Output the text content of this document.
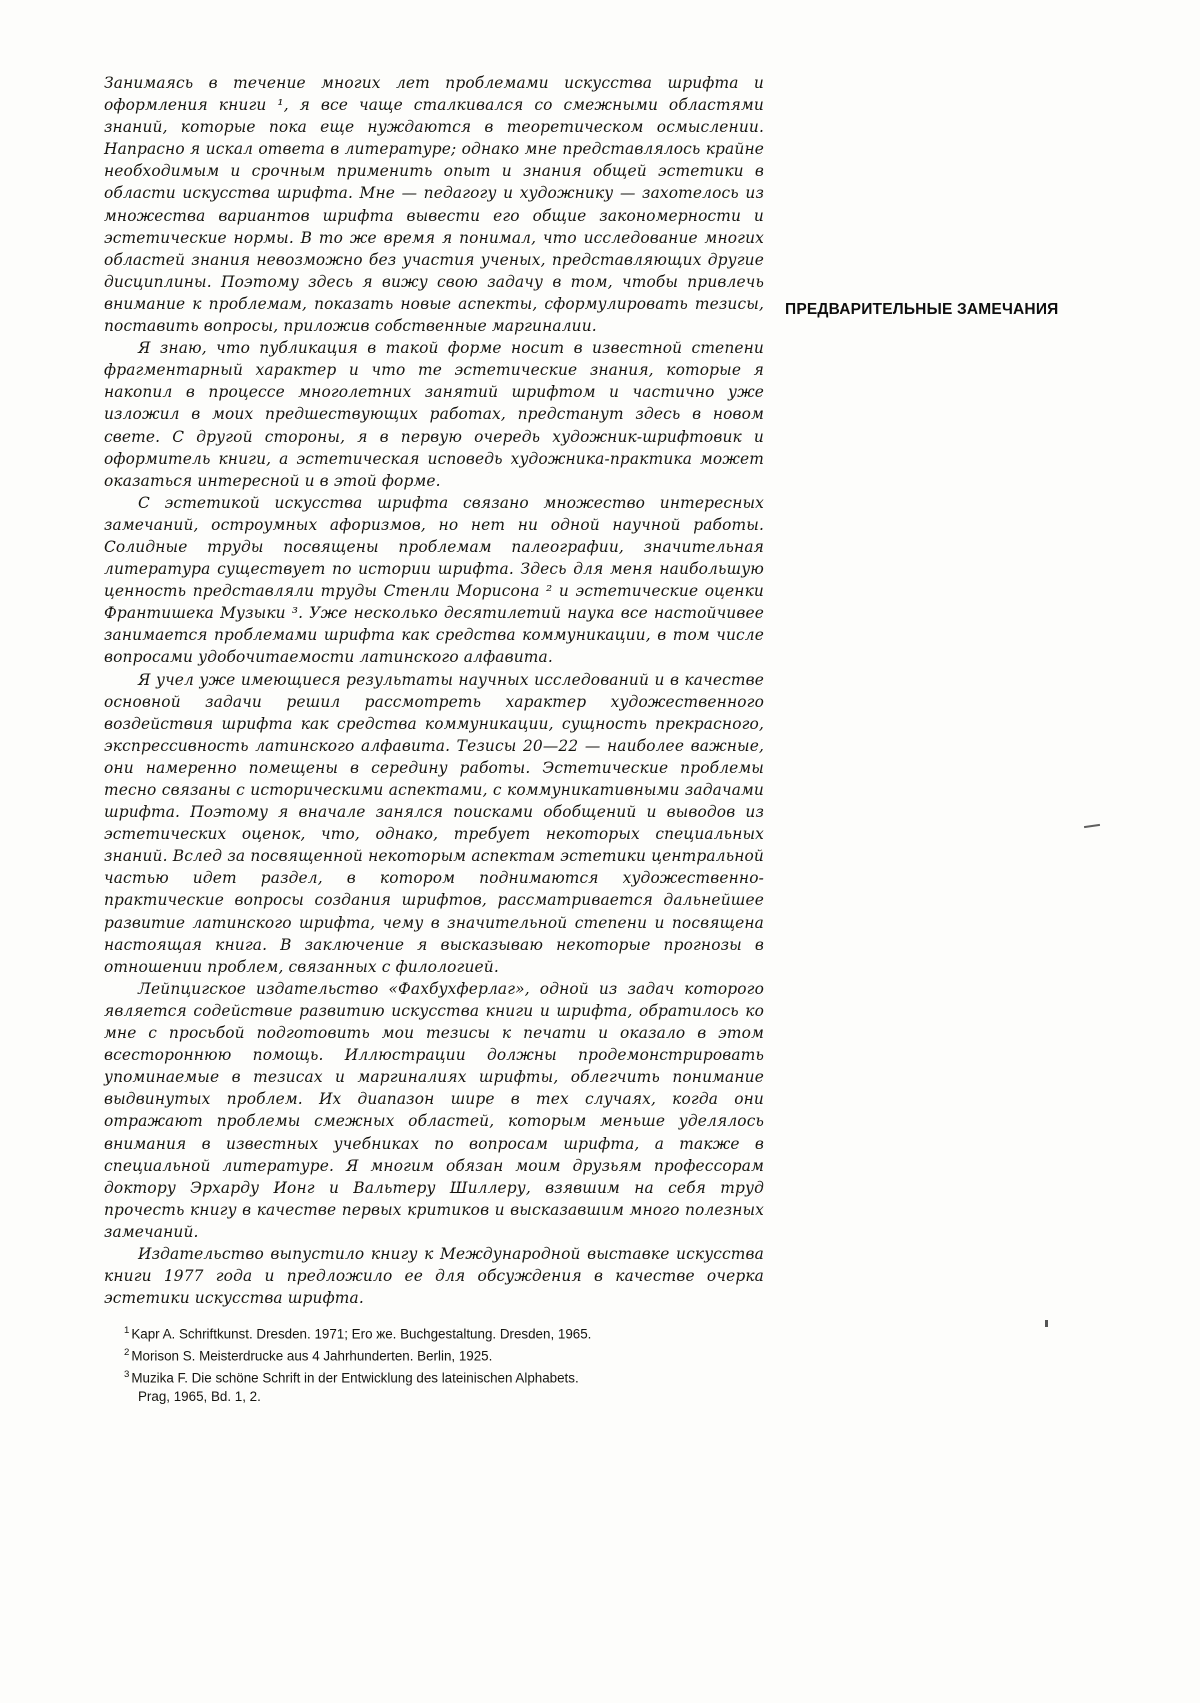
Занимаясь в течение многих лет проблемами искусства шрифта и оформления книги ¹, я все чаще сталкивался со смежными областями знаний, которые пока еще нуждаются в теоретическом осмыслении. Напрасно я искал ответа в литературе; однако мне представлялось крайне необходимым и срочным применить опыт и знания общей эстетики в области искусства шрифта. Мне — педагогу и художнику — захотелось из множества вариантов шрифта вывести его общие закономерности и эстетические нормы. В то же время я понимал, что исследование многих областей знания невозможно без участия ученых, представляющих другие дисциплины. Поэтому здесь я вижу свою задачу в том, чтобы привлечь внимание к проблемам, показать новые аспекты, сформулировать тезисы, поставить вопросы, приложив собственные маргиналии.

Я знаю, что публикация в такой форме носит в известной степени фрагментарный характер и что те эстетические знания, которые я накопил в процессе многолетних занятий шрифтом и частично уже изложил в моих предшествующих работах, предстанут здесь в новом свете. С другой стороны, я в первую очередь художник-шрифтовик и оформитель книги, а эстетическая исповедь художника-практика может оказаться интересной и в этой форме.

С эстетикой искусства шрифта связано множество интересных замечаний, остроумных афоризмов, но нет ни одной научной работы. Солидные труды посвящены проблемам палеографии, значительная литература существует по истории шрифта. Здесь для меня наибольшую ценность представляли труды Стенли Морисона ² и эстетические оценки Франтишека Музыки ³. Уже несколько десятилетий наука все настойчивее занимается проблемами шрифта как средства коммуникации, в том числе вопросами удобочитаемости латинского алфавита.

Я учел уже имеющиеся результаты научных исследований и в качестве основной задачи решил рассмотреть характер художественного воздействия шрифта как средства коммуникации, сущность прекрасного, экспрессивность латинского алфавита. Тезисы 20—22 — наиболее важные, они намеренно помещены в середину работы. Эстетические проблемы тесно связаны с историческими аспектами, с коммуникативными задачами шрифта. Поэтому я вначале занялся поисками обобщений и выводов из эстетических оценок, что, однако, требует некоторых специальных знаний. Вслед за посвященной некоторым аспектам эстетики центральной частью идет раздел, в котором поднимаются художественно-практические вопросы создания шрифтов, рассматривается дальнейшее развитие латинского шрифта, чему в значительной степени и посвящена настоящая книга. В заключение я высказываю некоторые прогнозы в отношении проблем, связанных с филологией.

Лейпцигское издательство «Фахбухферлаг», одной из задач которого является содействие развитию искусства книги и шрифта, обратилось ко мне с просьбой подготовить мои тезисы к печати и оказало в этом всестороннюю помощь. Иллюстрации должны продемонстрировать упоминаемые в тезисах и маргиналиях шрифты, облегчить понимание выдвинутых проблем. Их диапазон шире в тех случаях, когда они отражают проблемы смежных областей, которым меньше уделялось внимания в известных учебниках по вопросам шрифта, а также в специальной литературе. Я многим обязан моим друзьям профессорам доктору Эрхарду Ионг и Вальтеру Шиллеру, взявшим на себя труд прочесть книгу в качестве первых критиков и высказавшим много полезных замечаний.

Издательство выпустило книгу к Международной выставке искусства книги 1977 года и предложило ее для обсуждения в качестве очерка эстетики искусства шрифта.

ПРЕДВАРИТЕЛЬНЫЕ ЗАМЕЧАНИЯ

$^1$ Kapr A. Schriftkunst. Dresden. 1971; Ero же. Buchgestaltung. Dresden, 1965.

$^2$ Morison S. Meisterdrucke aus 4 Jahrhunderten. Berlin, 1925.

$^3$ Muzika F. Die schöne Schrift in der Entwicklung des lateinischen Alphabets.
Prag, 1965, Bd. 1, 2.
